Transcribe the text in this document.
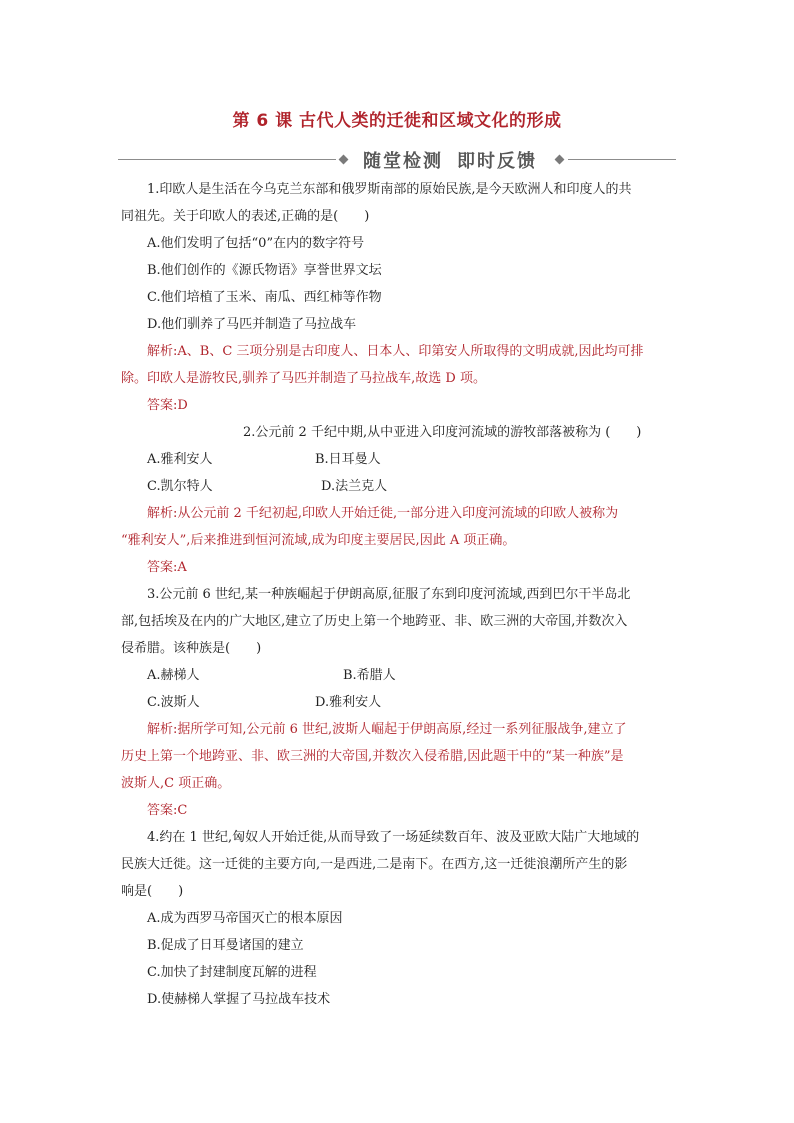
第 6 课 古代人类的迁徙和区域文化的形成
随堂检测 即时反馈

1.印欧人是生活在今乌克兰东部和俄罗斯南部的原始民族,是今天欧洲人和印度人的共

同祖先。关于印欧人的表述,正确的是(　　)

A.他们发明了包括“0”在内的数字符号

B.他们创作的《源氏物语》享誉世界文坛

C.他们培植了玉米、南瓜、西红柿等作物

D.他们驯养了马匹并制造了马拉战车

解析:A、B、C 三项分别是古印度人、日本人、印第安人所取得的文明成就,因此均可排

除。印欧人是游牧民,驯养了马匹并制造了马拉战车,故选 D 项。

答案:D

2.公元前 2 千纪中期,从中亚进入印度河流域的游牧部落被称为 (　　)

A.雅利安人	B.日耳曼人
C.凯尔特人	D.法兰克人

解析:从公元前 2 千纪初起,印欧人开始迁徙,一部分进入印度河流域的印欧人被称为

“雅利安人”,后来推进到恒河流域,成为印度主要居民,因此 A 项正确。

答案:A

3.公元前 6 世纪,某一种族崛起于伊朗高原,征服了东到印度河流域,西到巴尔干半岛北

部,包括埃及在内的广大地区,建立了历史上第一个地跨亚、非、欧三洲的大帝国,并数次入

侵希腊。该种族是(　　)

A.赫梯人	B.希腊人
C.波斯人	D.雅利安人

解析:据所学可知,公元前 6 世纪,波斯人崛起于伊朗高原,经过一系列征服战争,建立了

历史上第一个地跨亚、非、欧三洲的大帝国,并数次入侵希腊,因此题干中的“某一种族”是

波斯人,C 项正确。

答案:C

4.约在 1 世纪,匈奴人开始迁徙,从而导致了一场延续数百年、波及亚欧大陆广大地域的

民族大迁徙。这一迁徙的主要方向,一是西进,二是南下。在西方,这一迁徙浪潮所产生的影

响是(　　)

A.成为西罗马帝国灭亡的根本原因

B.促成了日耳曼诸国的建立

C.加快了封建制度瓦解的进程

D.使赫梯人掌握了马拉战车技术
